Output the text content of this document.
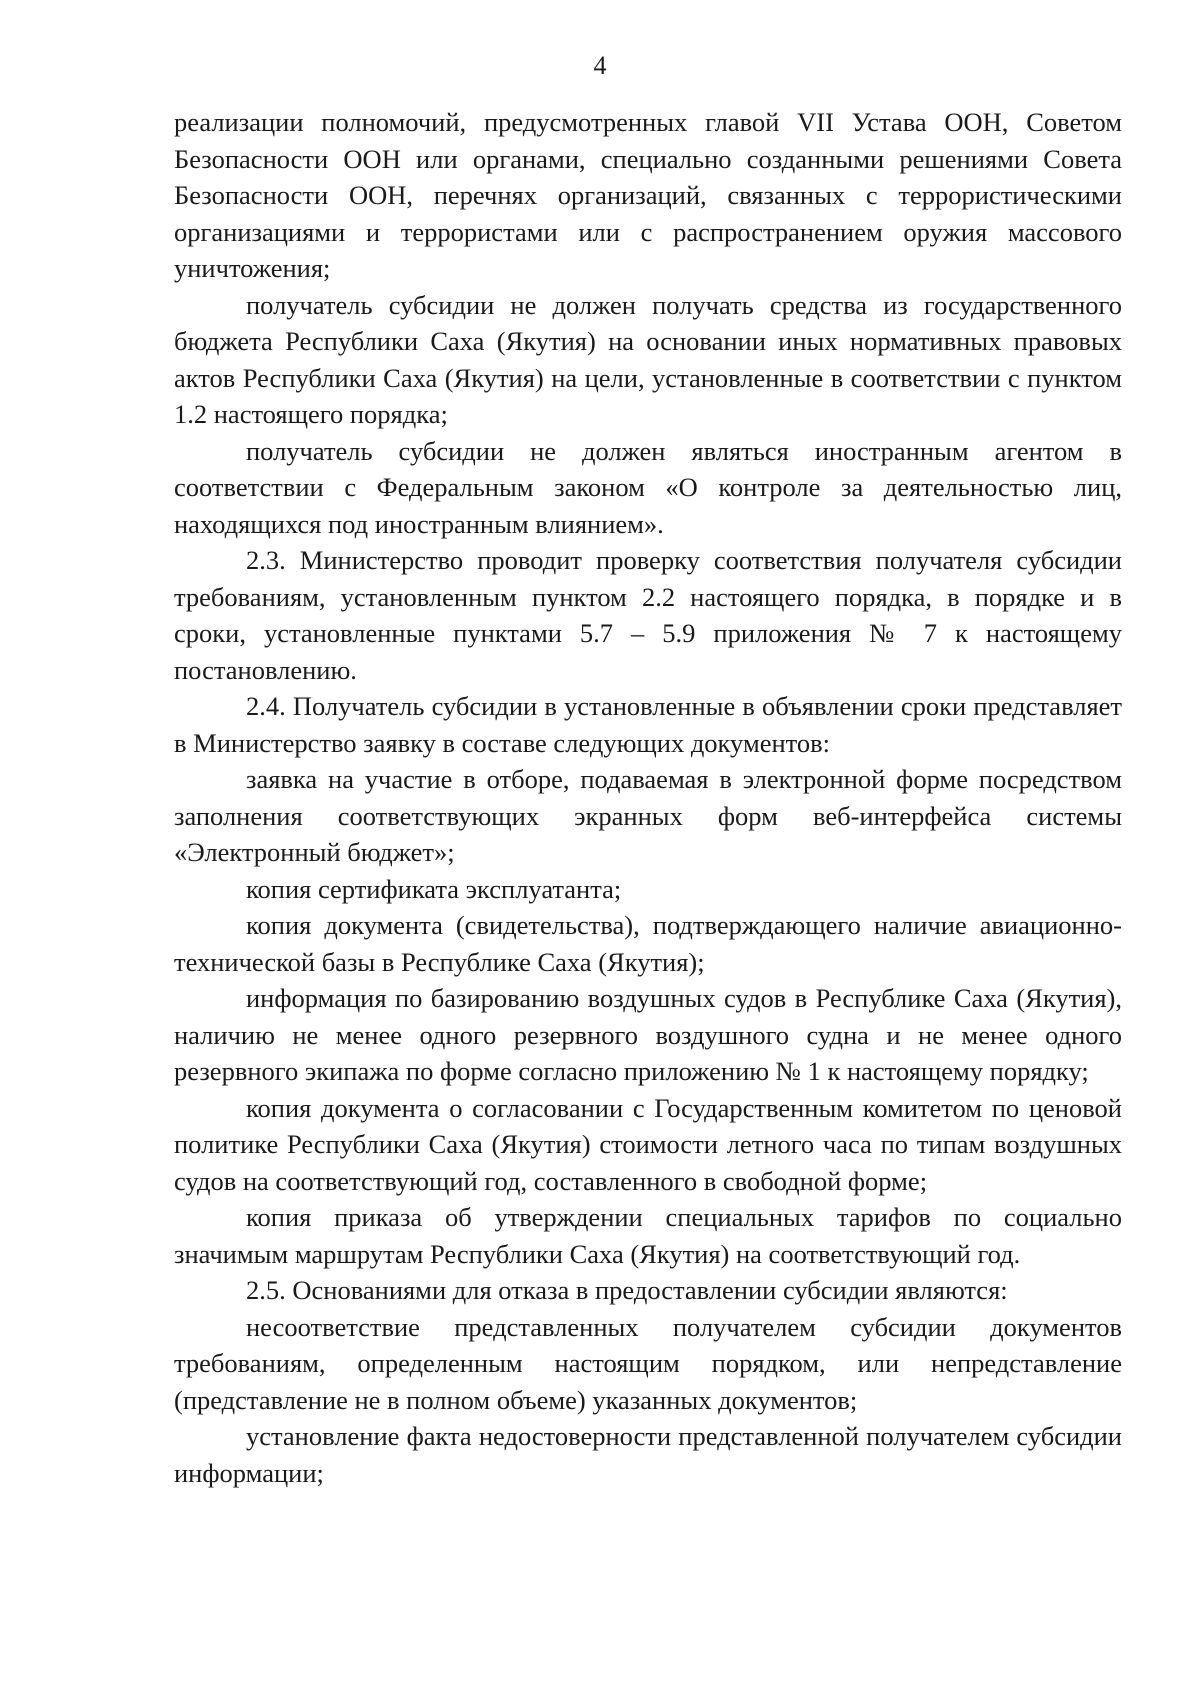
4

реализации полномочий, предусмотренных главой VII Устава ООН, Советом Безопасности ООН или органами, специально созданными решениями Совета Безопасности ООН, перечнях организаций, связанных с террористическими организациями и террористами или с распространением оружия массового уничтожения;

получатель субсидии не должен получать средства из государственного бюджета Республики Саха (Якутия) на основании иных нормативных правовых актов Республики Саха (Якутия) на цели, установленные в соответствии с пунктом 1.2 настоящего порядка;

получатель субсидии не должен являться иностранным агентом в соответствии с Федеральным законом «О контроле за деятельностью лиц, находящихся под иностранным влиянием».

2.3. Министерство проводит проверку соответствия получателя субсидии требованиям, установленным пунктом 2.2 настоящего порядка, в порядке и в сроки, установленные пунктами 5.7 – 5.9 приложения № 7 к настоящему постановлению.

2.4. Получатель субсидии в установленные в объявлении сроки представляет в Министерство заявку в составе следующих документов:

заявка на участие в отборе, подаваемая в электронной форме посредством заполнения соответствующих экранных форм веб-интерфейса системы «Электронный бюджет»;

копия сертификата эксплуатанта;

копия документа (свидетельства), подтверждающего наличие авиационно-технической базы в Республике Саха (Якутия);

информация по базированию воздушных судов в Республике Саха (Якутия), наличию не менее одного резервного воздушного судна и не менее одного резервного экипажа по форме согласно приложению № 1 к настоящему порядку;

копия документа о согласовании с Государственным комитетом по ценовой политике Республики Саха (Якутия) стоимости летного часа по типам воздушных судов на соответствующий год, составленного в свободной форме;

копия приказа об утверждении специальных тарифов по социально значимым маршрутам Республики Саха (Якутия) на соответствующий год.

2.5. Основаниями для отказа в предоставлении субсидии являются:

несоответствие представленных получателем субсидии документов требованиям, определенным настоящим порядком, или непредставление (представление не в полном объеме) указанных документов;

установление факта недостоверности представленной получателем субсидии информации;
